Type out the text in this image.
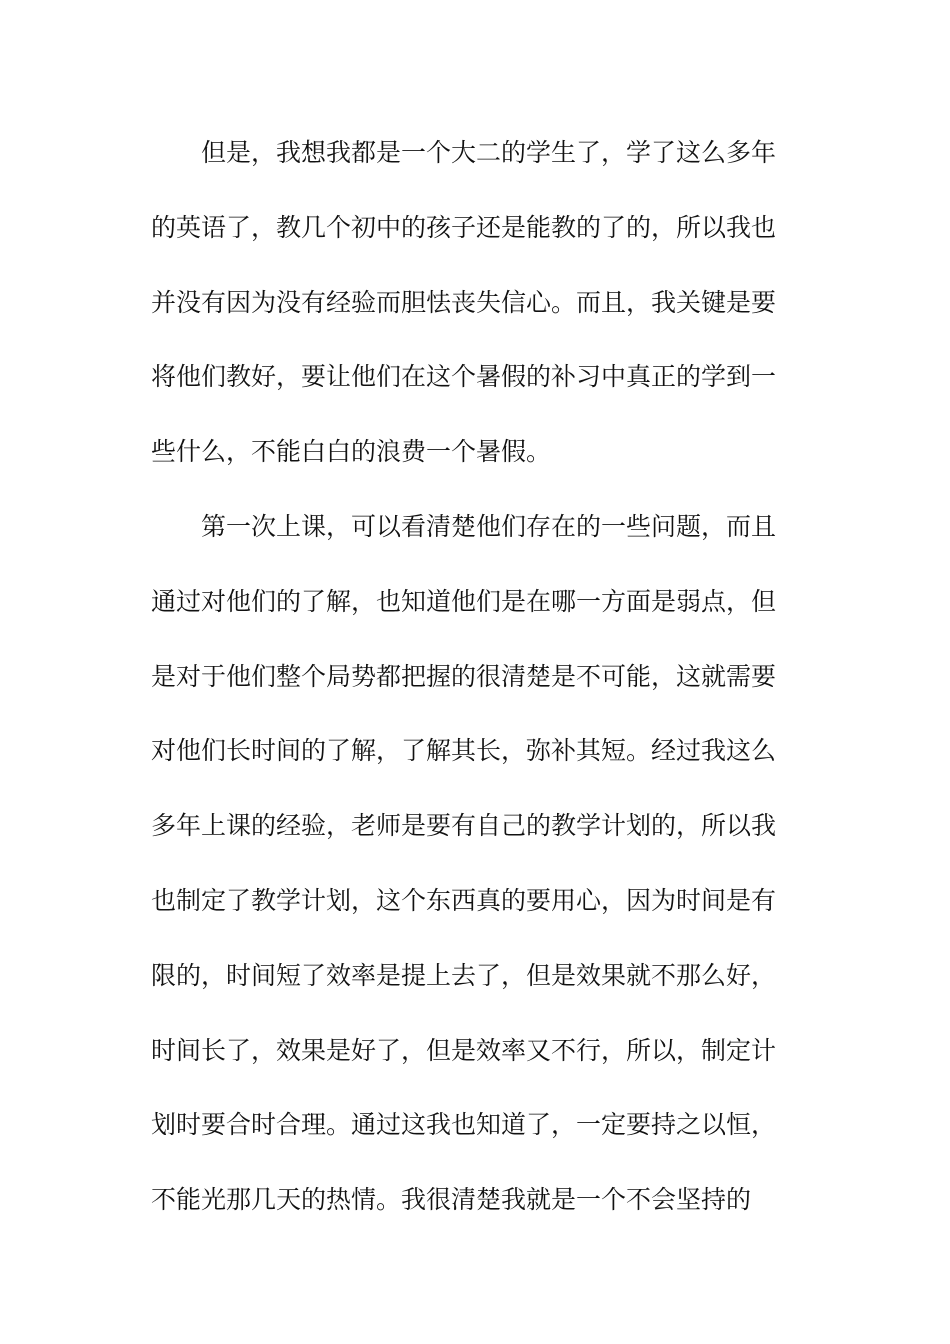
但是，我想我都是一个大二的学生了，学了这么多年
的英语了，教几个初中的孩子还是能教的了的，所以我也
并没有因为没有经验而胆怯丧失信心。而且，我关键是要
将他们教好，要让他们在这个暑假的补习中真正的学到一
些什么，不能白白的浪费一个暑假。
第一次上课，可以看清楚他们存在的一些问题，而且
通过对他们的了解，也知道他们是在哪一方面是弱点，但
是对于他们整个局势都把握的很清楚是不可能，这就需要
对他们长时间的了解，了解其长，弥补其短。经过我这么
多年上课的经验，老师是要有自己的教学计划的，所以我
也制定了教学计划，这个东西真的要用心，因为时间是有
限的，时间短了效率是提上去了，但是效果就不那么好，
时间长了，效果是好了，但是效率又不行，所以，制定计
划时要合时合理。通过这我也知道了，一定要持之以恒，
不能光那几天的热情。我很清楚我就是一个不会坚持的
